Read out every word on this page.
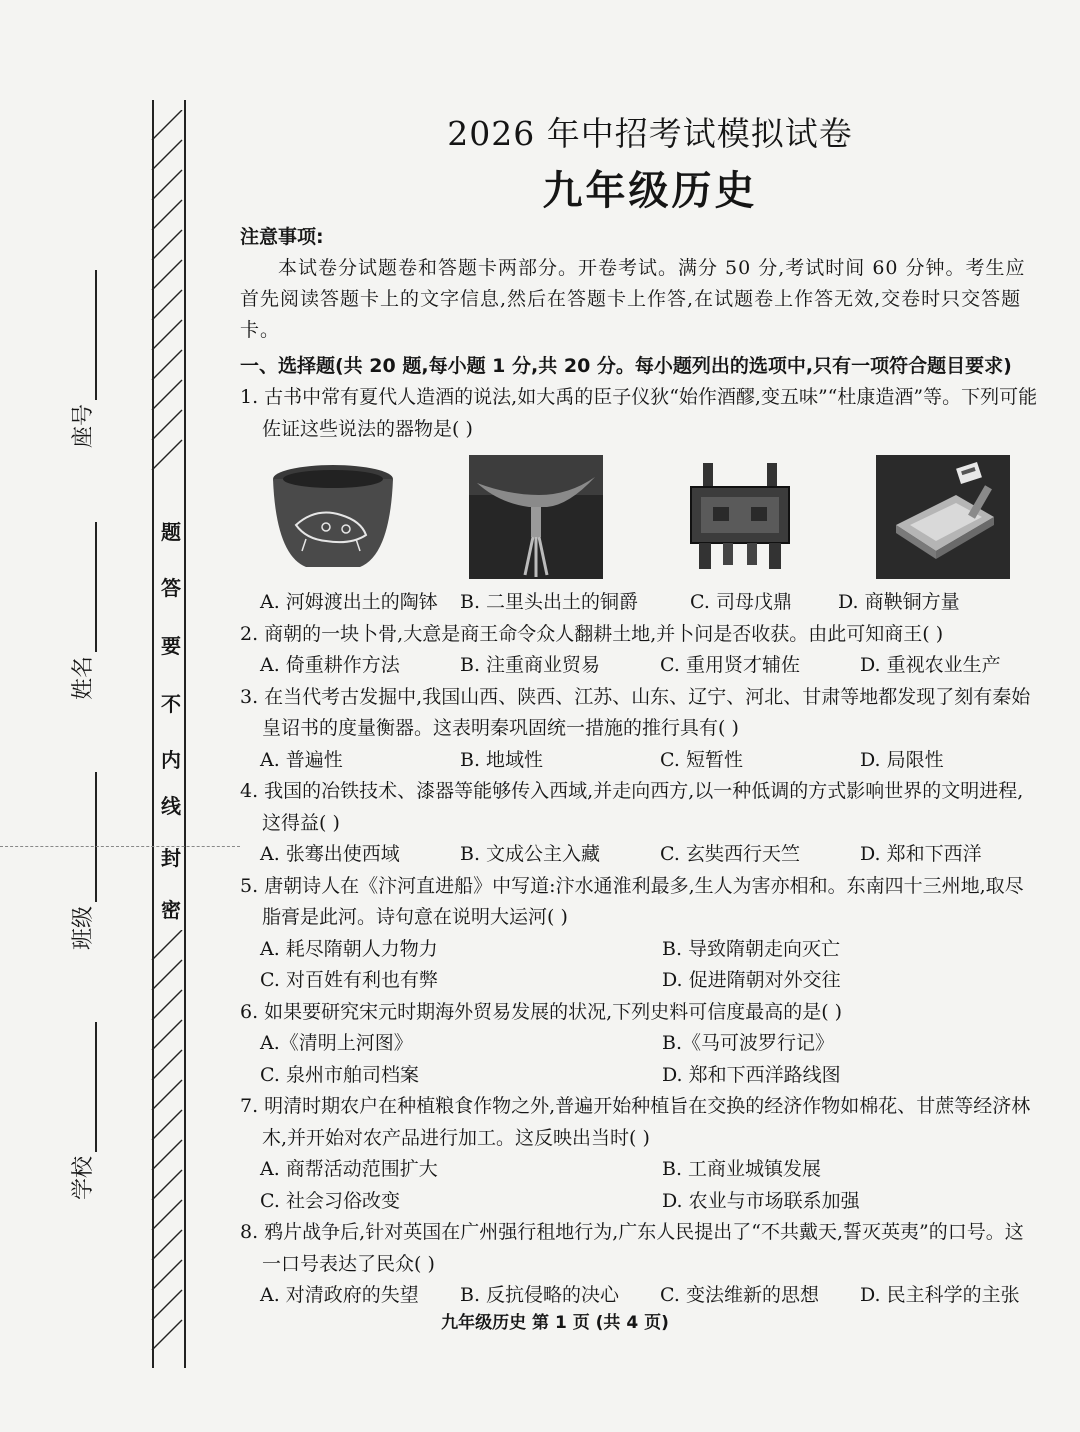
题
答
要
不
内
线
封
密
座号
姓名
班级
学校
2026 年中招考试模拟试卷
九年级历史
注意事项:

本试卷分试题卷和答题卡两部分。开卷考试。满分 50 分,考试时间 60 分钟。考生应首先阅读答题卡上的文字信息,然后在答题卡上作答,在试题卷上作答无效,交卷时只交答题卡。

一、选择题(共 20 题,每小题 1 分,共 20 分。每小题列出的选项中,只有一项符合题目要求)
1. 古书中常有夏代人造酒的说法,如大禹的臣子仪狄“始作酒醪,变五味”“杜康造酒”等。下列可能佐证这些说法的器物是( )
A. 河姆渡出土的陶钵	B. 二里头出土的铜爵	C. 司母戊鼎	D. 商鞅铜方量
2. 商朝的一块卜骨,大意是商王命令众人翻耕土地,并卜问是否收获。由此可知商王( )
A. 倚重耕作方法	B. 注重商业贸易	C. 重用贤才辅佐	D. 重视农业生产
3. 在当代考古发掘中,我国山西、陕西、江苏、山东、辽宁、河北、甘肃等地都发现了刻有秦始皇诏书的度量衡器。这表明秦巩固统一措施的推行具有( )
A. 普遍性	B. 地域性	C. 短暂性	D. 局限性
4. 我国的冶铁技术、漆器等能够传入西域,并走向西方,以一种低调的方式影响世界的文明进程,这得益( )
A. 张骞出使西域	B. 文成公主入藏	C. 玄奘西行天竺	D. 郑和下西洋
5. 唐朝诗人在《汴河直进船》中写道:汴水通淮利最多,生人为害亦相和。东南四十三州地,取尽脂膏是此河。诗句意在说明大运河( )
A. 耗尽隋朝人力物力	B. 导致隋朝走向灭亡
C. 对百姓有利也有弊	D. 促进隋朝对外交往
6. 如果要研究宋元时期海外贸易发展的状况,下列史料可信度最高的是( )
A.《清明上河图》	B.《马可波罗行记》
C. 泉州市舶司档案	D. 郑和下西洋路线图
7. 明清时期农户在种植粮食作物之外,普遍开始种植旨在交换的经济作物如棉花、甘蔗等经济林木,并开始对农产品进行加工。这反映出当时( )
A. 商帮活动范围扩大	B. 工商业城镇发展
C. 社会习俗改变	D. 农业与市场联系加强
8. 鸦片战争后,针对英国在广州强行租地行为,广东人民提出了“不共戴天,誓灭英夷”的口号。这一口号表达了民众( )
A. 对清政府的失望	B. 反抗侵略的决心	C. 变法维新的思想	D. 民主科学的主张
九年级历史 第 1 页 (共 4 页)
